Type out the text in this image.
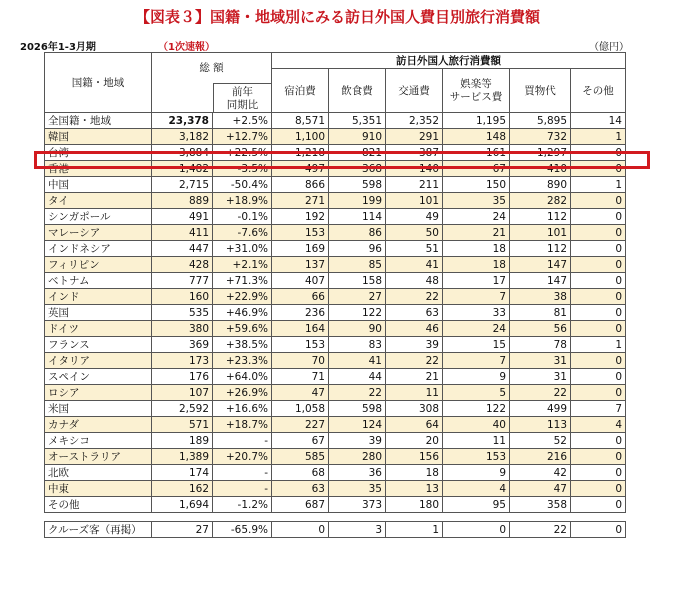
【図表３】国籍・地域別にみる訪日外国人費目別旅行消費額
2026年1-3月期	（1次速報）	（億円）
国籍・地域	総 額
前年
同期比		訪日外国人旅行消費額					
			宿泊費	飲食費	交通費	娯楽等
サービス費	買物代	その他
全国籍・地域	23,378	+2.5%	8,571	5,351	2,352	1,195	5,895	14
韓国	3,182	+12.7%	1,100	910	291	148	732	1
台湾	3,884	+22.5%	1,218	821	387	161	1,297	0
香港	1,482	-3.5%	497	368	140	67	410	0
中国	2,715	-50.4%	866	598	211	150	890	1
タイ	889	+18.9%	271	199	101	35	282	0
シンガポール	491	-0.1%	192	114	49	24	112	0
マレーシア	411	-7.6%	153	86	50	21	101	0
インドネシア	447	+31.0%	169	96	51	18	112	0
フィリピン	428	+2.1%	137	85	41	18	147	0
ベトナム	777	+71.3%	407	158	48	17	147	0
インド	160	+22.9%	66	27	22	7	38	0
英国	535	+46.9%	236	122	63	33	81	0
ドイツ	380	+59.6%	164	90	46	24	56	0
フランス	369	+38.5%	153	83	39	15	78	1
イタリア	173	+23.3%	70	41	22	7	31	0
スペイン	176	+64.0%	71	44	21	9	31	0
ロシア	107	+26.9%	47	22	11	5	22	0
米国	2,592	+16.6%	1,058	598	308	122	499	7
カナダ	571	+18.7%	227	124	64	40	113	4
メキシコ	189	-	67	39	20	11	52	0
オーストラリア	1,389	+20.7%	585	280	156	153	216	0
北欧	174	-	68	36	18	9	42	0
中東	162	-	63	35	13	4	47	0
その他	1,694	-1.2%	687	373	180	95	358	0

クルーズ客（再掲）	27	-65.9%	0	3	1	0	22	0
